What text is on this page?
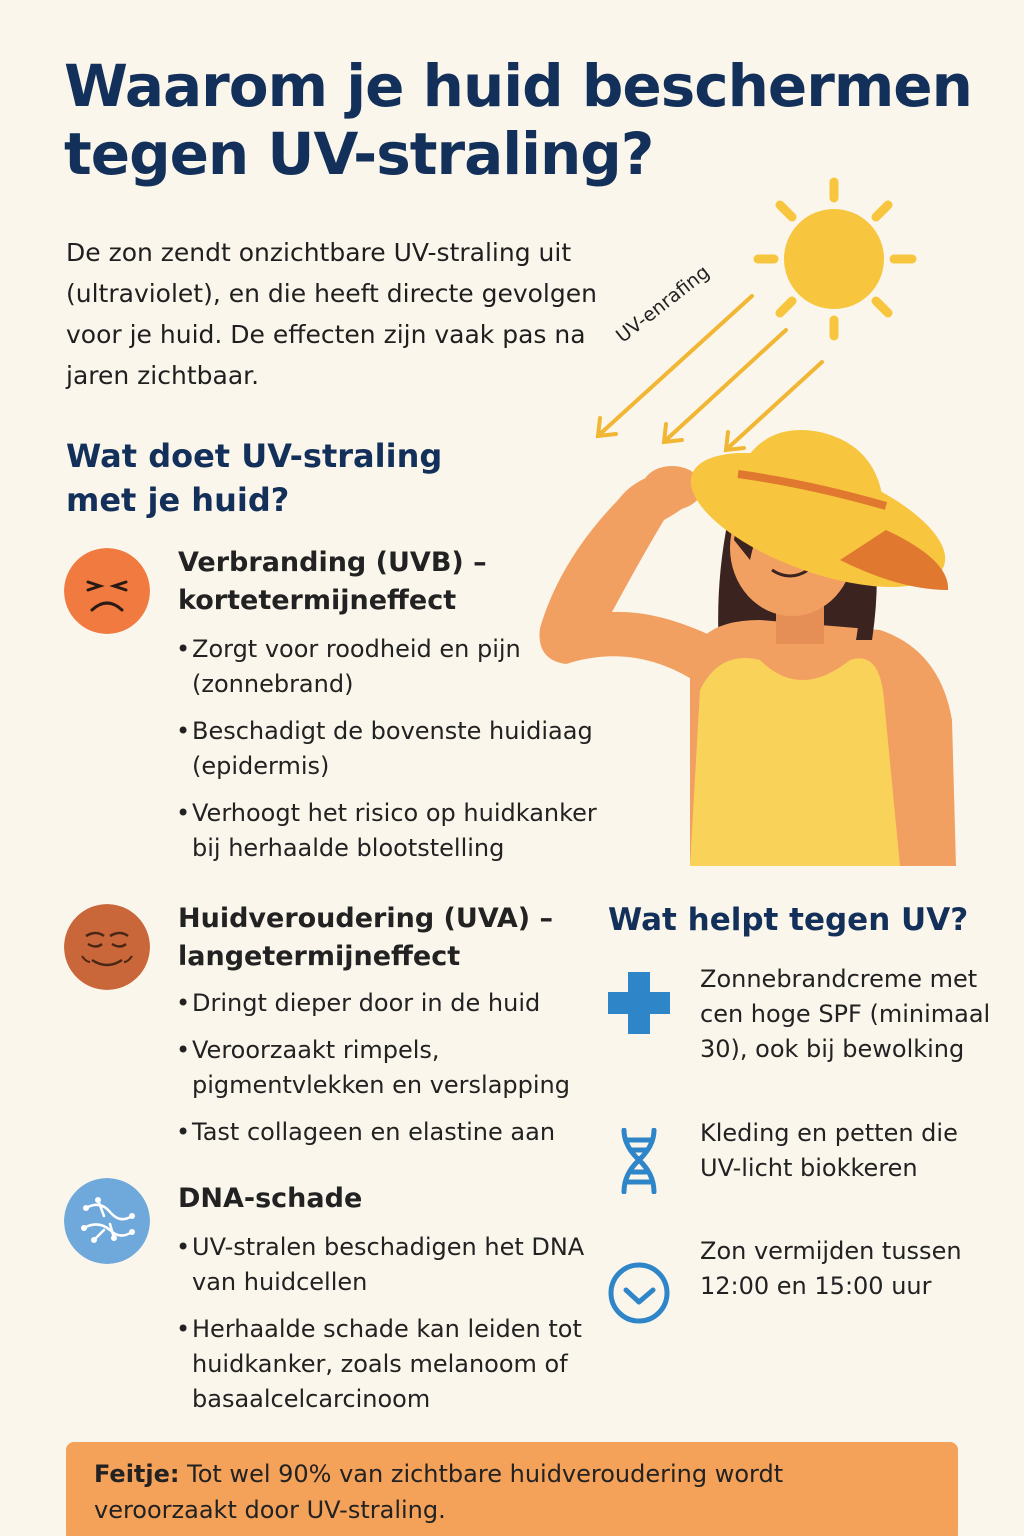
Waarom je huid beschermen tegen UV-straling?

De zon zendt onzichtbare UV-straling uit (ultraviolet), en die heeft directe gevolgen voor je huid. De effecten zijn vaak pas na jaren zichtbaar.

UV-enrafing
Wat doet UV-straling met je huid?
Verbranding (UVB) – kortetermijneffect
• Zorgt voor roodheid en pijn (zonnebrand)
• Beschadigt de bovenste huidiaag (epidermis)
• Verhoogt het risico op huidkanker bij herhaalde blootstelling
Huidveroudering (UVA) – langetermijneffect
• Dringt dieper door in de huid
• Veroorzaakt rimpels, pigmentvlekken en verslapping
• Tast collageen en elastine aan
DNA-schade
• UV-stralen beschadigen het DNA van huidcellen
• Herhaalde schade kan leiden tot huidkanker, zoals melanoom of basaalcelcarcinoom
Wat helpt tegen UV?
Zonnebrandcreme met cen hoge SPF (minimaal 30), ook bij bewolking
Kleding en petten die UV-licht biokkeren
Zon vermijden tussen 12:00 en 15:00 uur
Feitje: Tot wel 90% van zichtbare huidveroudering wordt veroorzaakt door UV-straling.
